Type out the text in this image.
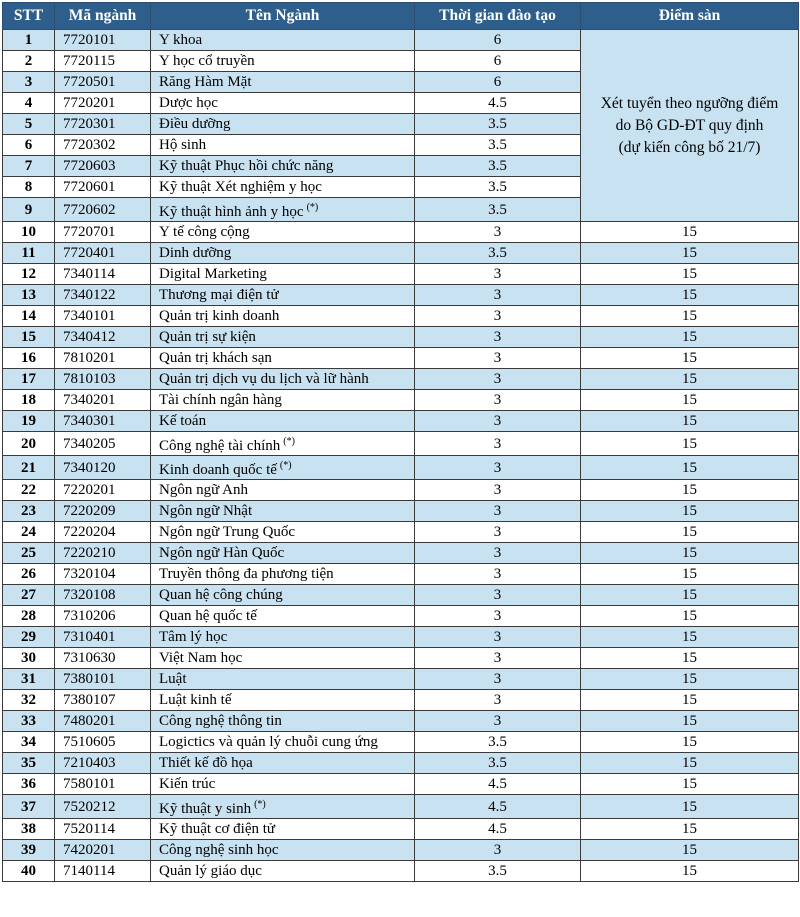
STT	Mã ngành	Tên Ngành	Thời gian đào tạo	Điểm sàn
1	7720101	Y khoa	6	Xét tuyển theo ngưỡng điểm
do Bộ GD-ĐT quy định
(dự kiến công bố 21/7)

2	7720115	Y học cổ truyền	6	
3	7720501	Răng Hàm Mặt	6	
4	7720201	Dược học	4.5	
5	7720301	Điều dưỡng	3.5	
6	7720302	Hộ sinh	3.5	
7	7720603	Kỹ thuật Phục hồi chức năng	3.5	
8	7720601	Kỹ thuật Xét nghiệm y học	3.5	
9	7720602	Kỹ thuật hình ảnh y học (*)	3.5	
10	7720701	Y tế công cộng	3	15
11	7720401	Dinh dưỡng	3.5	15
12	7340114	Digital Marketing	3	15
13	7340122	Thương mại điện tử	3	15
14	7340101	Quản trị kinh doanh	3	15
15	7340412	Quản trị sự kiện	3	15
16	7810201	Quản trị khách sạn	3	15
17	7810103	Quản trị dịch vụ du lịch và lữ hành	3	15
18	7340201	Tài chính ngân hàng	3	15
19	7340301	Kế toán	3	15
20	7340205	Công nghệ tài chính (*)	3	15
21	7340120	Kinh doanh quốc tế (*)	3	15
22	7220201	Ngôn ngữ Anh	3	15
23	7220209	Ngôn ngữ Nhật	3	15
24	7220204	Ngôn ngữ Trung Quốc	3	15
25	7220210	Ngôn ngữ Hàn Quốc	3	15
26	7320104	Truyền thông đa phương tiện	3	15
27	7320108	Quan hệ công chúng	3	15
28	7310206	Quan hệ quốc tế	3	15
29	7310401	Tâm lý học	3	15
30	7310630	Việt Nam học	3	15
31	7380101	Luật	3	15
32	7380107	Luật kinh tế	3	15
33	7480201	Công nghệ thông tin	3	15
34	7510605	Logictics và quản lý chuỗi cung ứng	3.5	15
35	7210403	Thiết kế đồ họa	3.5	15
36	7580101	Kiến trúc	4.5	15
37	7520212	Kỹ thuật y sinh (*)	4.5	15
38	7520114	Kỹ thuật cơ điện tử	4.5	15
39	7420201	Công nghệ sinh học	3	15
40	7140114	Quản lý giáo dục	3.5	15
